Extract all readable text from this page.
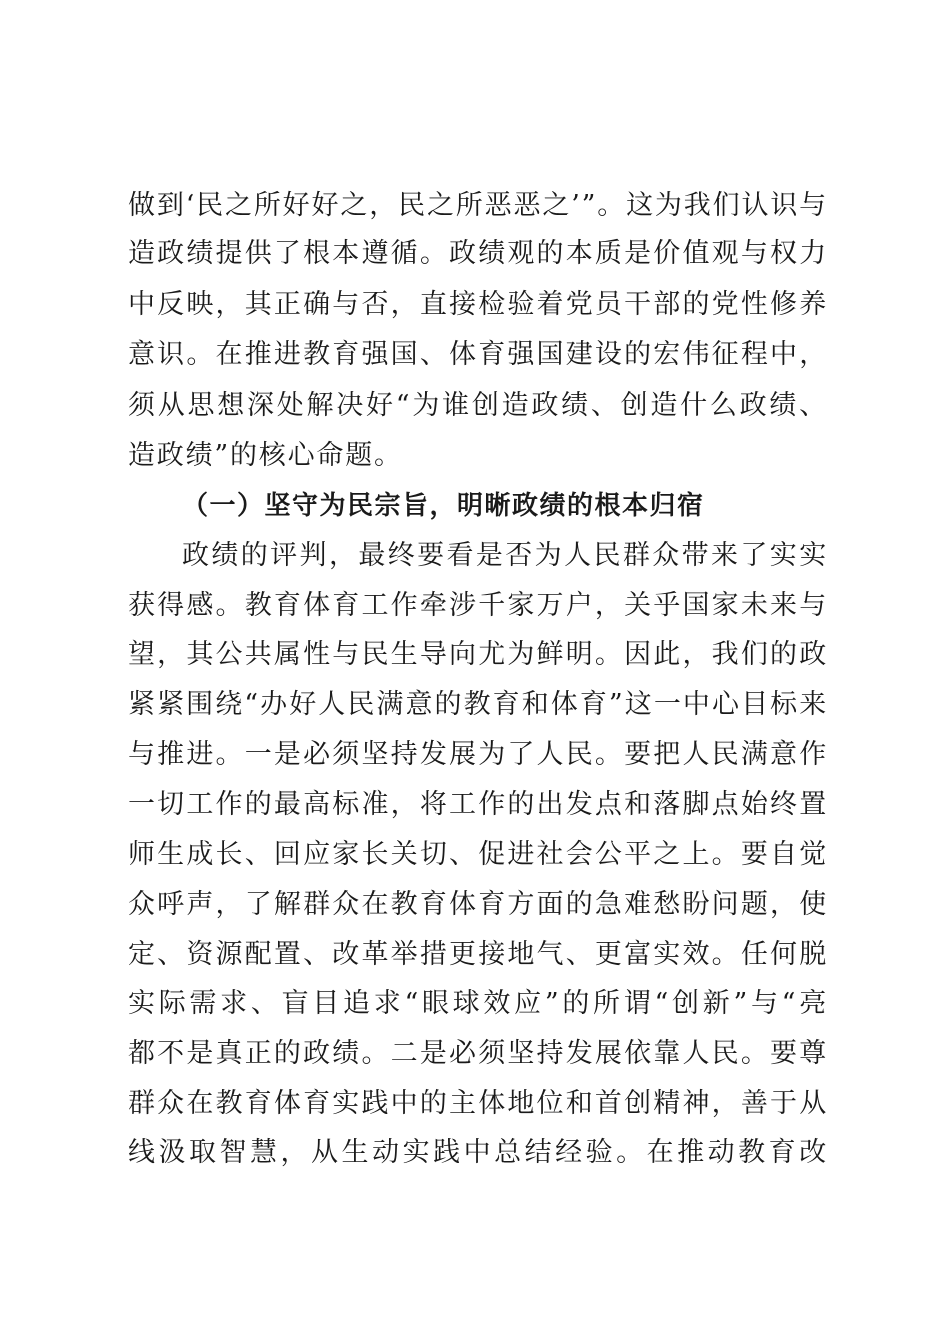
做到‘民之所好好之，民之所恶恶之’”。这为我们认识与
造政绩提供了根本遵循。政绩观的本质是价值观与权力
中反映，其正确与否，直接检验着党员干部的党性修养
意识。在推进教育强国、体育强国建设的宏伟征程中，
须从思想深处解决好“为谁创造政绩、创造什么政绩、
造政绩”的核心命题。
（一）坚守为民宗旨，明晰政绩的根本归宿
政绩的评判，最终要看是否为人民群众带来了实实
获得感。教育体育工作牵涉千家万户，关乎国家未来与
望，其公共属性与民生导向尤为鲜明。因此，我们的政
紧紧围绕“办好人民满意的教育和体育”这一中心目标来
与推进。一是必须坚持发展为了人民。要把人民满意作
一切工作的最高标准，将工作的出发点和落脚点始终置
师生成长、回应家长关切、促进社会公平之上。要自觉
众呼声，了解群众在教育体育方面的急难愁盼问题，使
定、资源配置、改革举措更接地气、更富实效。任何脱
实际需求、盲目追求“眼球效应”的所谓“创新”与“亮
都不是真正的政绩。二是必须坚持发展依靠人民。要尊
群众在教育体育实践中的主体地位和首创精神，善于从
线汲取智慧，从生动实践中总结经验。在推动教育改
